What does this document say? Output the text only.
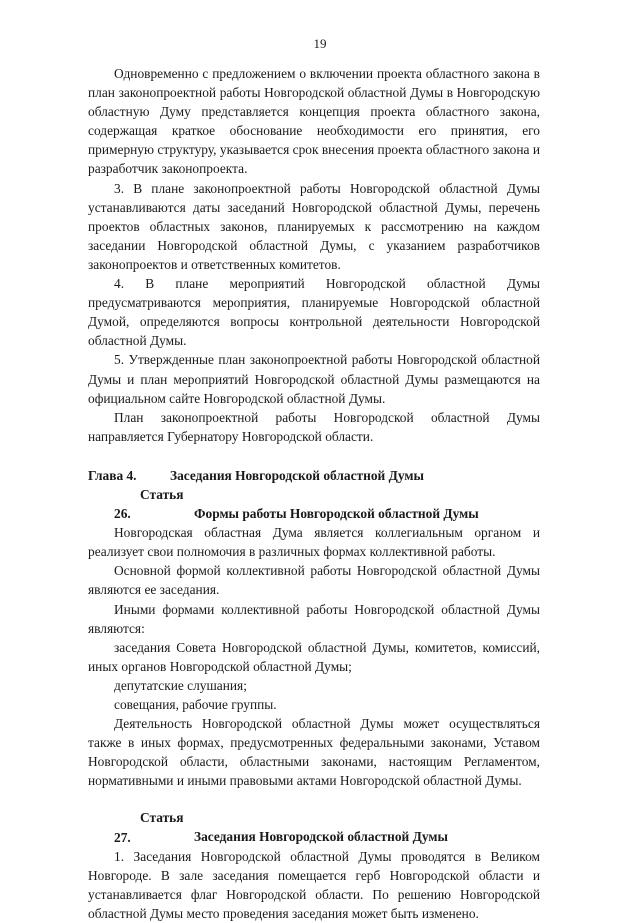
19

Одновременно с предложением о включении проекта областного закона в план законопроектной работы Новгородской областной Думы в Новгородскую областную Думу представляется концепция проекта областного закона, содержащая краткое обоснование необходимости его принятия, его примерную структуру, указывается срок внесения проекта областного закона и разработчик законопроекта.

3. В плане законопроектной работы Новгородской областной Думы устанавливаются даты заседаний Новгородской областной Думы, перечень проектов областных законов, планируемых к рассмотрению на каждом заседании Новгородской областной Думы, с указанием разработчиков законопроектов и ответственных комитетов.

4. В плане мероприятий Новгородской областной Думы предусматриваются мероприятия, планируемые Новгородской областной Думой, определяются вопросы контрольной деятельности Новгородской областной Думы.

5. Утвержденные план законопроектной работы Новгородской областной Думы и план мероприятий Новгородской областной Думы размещаются на официальном сайте Новгородской областной Думы.

План законопроектной работы Новгородской областной Думы направляется Губернатору Новгородской области.

Глава 4.	Заседания Новгородской областной Думы

Статья 26.	Формы работы Новгородской областной Думы

Новгородская областная Дума является коллегиальным органом и реализует свои полномочия в различных формах коллективной работы.

Основной формой коллективной работы Новгородской областной Думы являются ее заседания.

Иными формами коллективной работы Новгородской областной Думы являются:

заседания Совета Новгородской областной Думы, комитетов, комиссий, иных органов Новгородской областной Думы;

депутатские слушания;

совещания, рабочие группы.

Деятельность Новгородской областной Думы может осуществляться также в иных формах, предусмотренных федеральными законами, Уставом Новгородской области, областными законами, настоящим Регламентом, нормативными и иными правовыми актами Новгородской областной Думы.

Статья 27.	Заседания Новгородской областной Думы

1. Заседания Новгородской областной Думы проводятся в Великом Новгороде. В зале заседания помещается герб Новгородской области и устанавливается флаг Новгородской области. По решению Новгородской областной Думы место проведения заседания может быть изменено.
